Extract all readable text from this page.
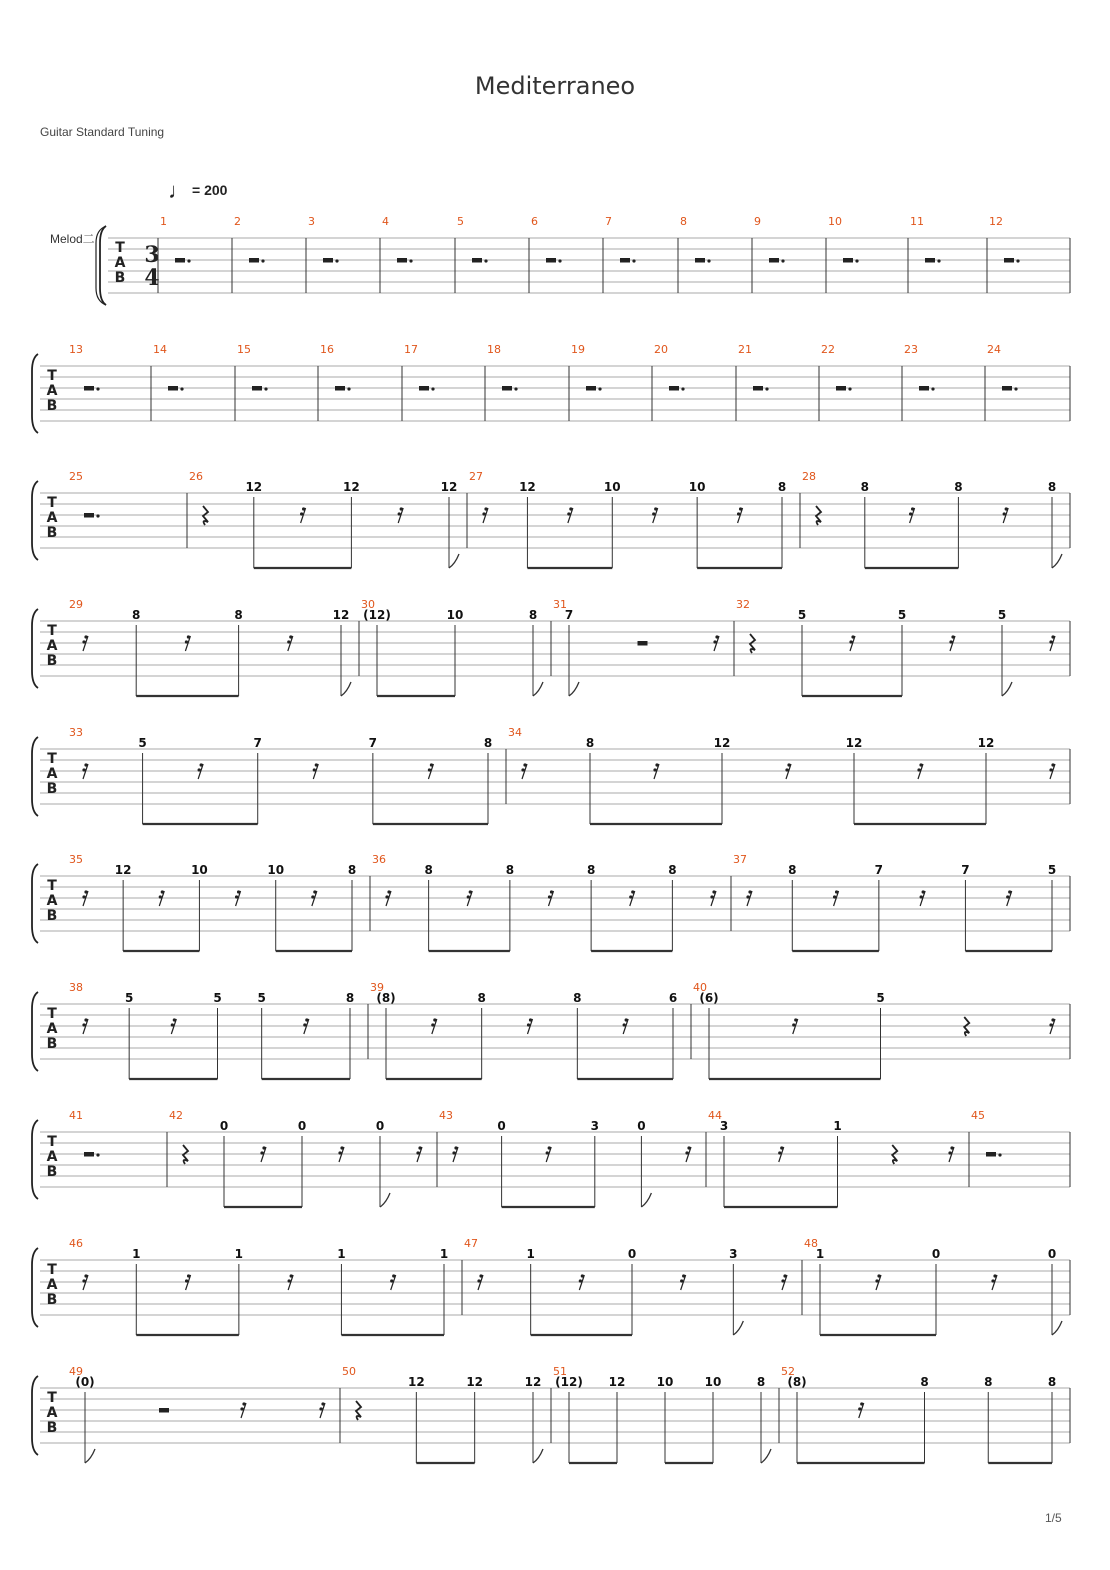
Mediterraneo
Guitar Standard Tuning
♩ = 200
Melod二
T
A
B
3
4
1	2	3	4	5	6	7	8	9	10	11	12
T
A
B
13	14	15	16	17	18	19	20	21	22	23	24
T
A
B
25	26
12	12	12
27
12	10	10	8
28
8	8	8
T
A
B
29
8	8	12
30
(12)	10	8
31
7
32
5	5	5
T
A
B
33
5	7	7	8
34
8	12	12	12
T
A
B
35
12	10	10	8
36
8	8	8	8
37
8	7	7	5
T
A
B
38
5	5	5	8
39
(8)	8	8	6
40
(6)	5
T
A
B
41	42
0	0	0
43
0	3	0
44
3	1
45
T
A
B
46
1	1	1	1
47
1	0	3
48
1	0	0
T
A
B
49
(0)
50
12	12	12
51
(12) 12	10	10	8
52
(8)	8	8	8
1/5
